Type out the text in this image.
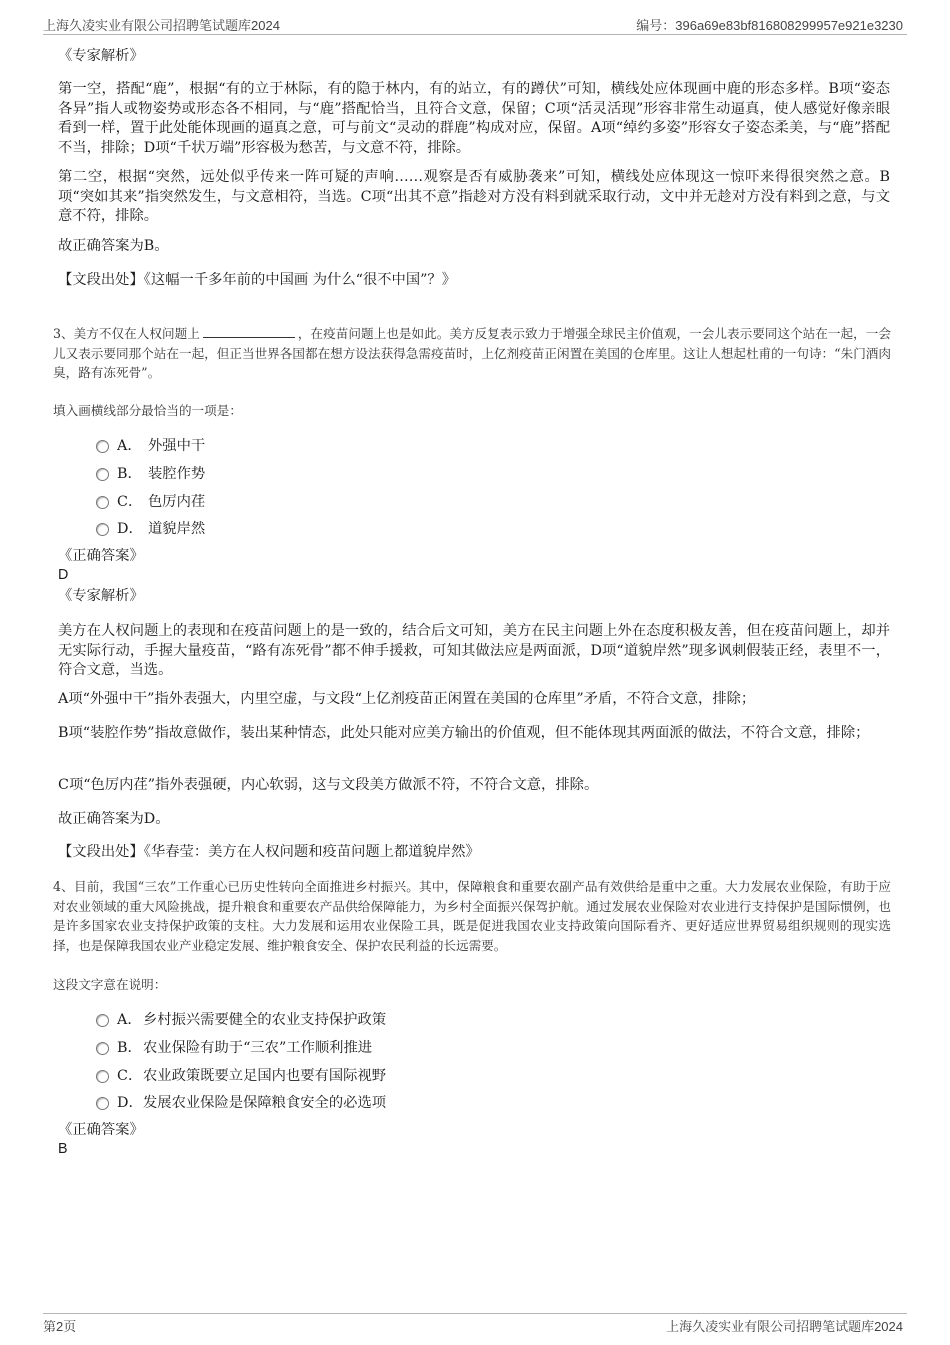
上海久凌实业有限公司招聘笔试题库2024	编号：396a69e83bf816808299957e921e3230
《专家解析》
第一空，搭配“鹿”，根据“有的立于林际，有的隐于林内，有的站立，有的蹲伏”可知，横线处应体现画中鹿的形态多样。B项“姿态各异”指人或物姿势或形态各不相同，与“鹿”搭配恰当，且符合文意，保留；C项“活灵活现”形容非常生动逼真，使人感觉好像亲眼看到一样，置于此处能体现画的逼真之意，可与前文“灵动的群鹿”构成对应，保留。A项“绰约多姿”形容女子姿态柔美，与“鹿”搭配不当，排除；D项“千状万端”形容极为愁苦，与文意不符，排除。
第二空，根据“突然，远处似乎传来一阵可疑的声响……观察是否有威胁袭来”可知，横线处应体现这一惊吓来得很突然之意。B项“突如其来”指突然发生，与文意相符，当选。C项“出其不意”指趁对方没有料到就采取行动，文中并无趁对方没有料到之意，与文意不符，排除。
故正确答案为B。
【文段出处】《这幅一千多年前的中国画 为什么“很不中国”？》
3、美方不仅在人权问题上	，在疫苗问题上也是如此。美方反复表示致力于增强全球民主价值观，一会儿表示要同这个站在一起，一会儿又表示要同那个站在一起，但正当世界各国都在想方设法获得急需疫苗时，上亿剂疫苗正闲置在美国的仓库里。这让人想起杜甫的一句诗：“朱门酒肉臭，路有冻死骨”。
填入画横线部分最恰当的一项是：
A． 外强中干
B． 装腔作势
C． 色厉内荏
D． 道貌岸然
《正确答案》
D
《专家解析》
美方在人权问题上的表现和在疫苗问题上的是一致的，结合后文可知，美方在民主问题上外在态度积极友善，但在疫苗问题上，却并无实际行动，手握大量疫苗，“路有冻死骨”都不伸手援救，可知其做法应是两面派，D项“道貌岸然”现多讽刺假装正经，表里不一，符合文意，当选。
A项“外强中干”指外表强大，内里空虚，与文段“上亿剂疫苗正闲置在美国的仓库里”矛盾，不符合文意，排除；
B项“装腔作势”指故意做作，装出某种情态，此处只能对应美方输出的价值观，但不能体现其两面派的做法，不符合文意，排除；
C项“色厉内荏”指外表强硬，内心软弱，这与文段美方做派不符，不符合文意，排除。
故正确答案为D。
【文段出处】《华春莹：美方在人权问题和疫苗问题上都道貌岸然》
4、目前，我国“三农”工作重心已历史性转向全面推进乡村振兴。其中，保障粮食和重要农副产品有效供给是重中之重。大力发展农业保险，有助于应对农业领域的重大风险挑战，提升粮食和重要农产品供给保障能力，为乡村全面振兴保驾护航。通过发展农业保险对农业进行支持保护是国际惯例，也是许多国家农业支持保护政策的支柱。大力发展和运用农业保险工具，既是促进我国农业支持政策向国际看齐、更好适应世界贸易组织规则的现实选择，也是保障我国农业产业稳定发展、维护粮食安全、保护农民利益的长远需要。
这段文字意在说明：
A． 乡村振兴需要健全的农业支持保护政策
B． 农业保险有助于“三农”工作顺利推进
C． 农业政策既要立足国内也要有国际视野
D． 发展农业保险是保障粮食安全的必选项
《正确答案》
B
第2页	上海久凌实业有限公司招聘笔试题库2024
